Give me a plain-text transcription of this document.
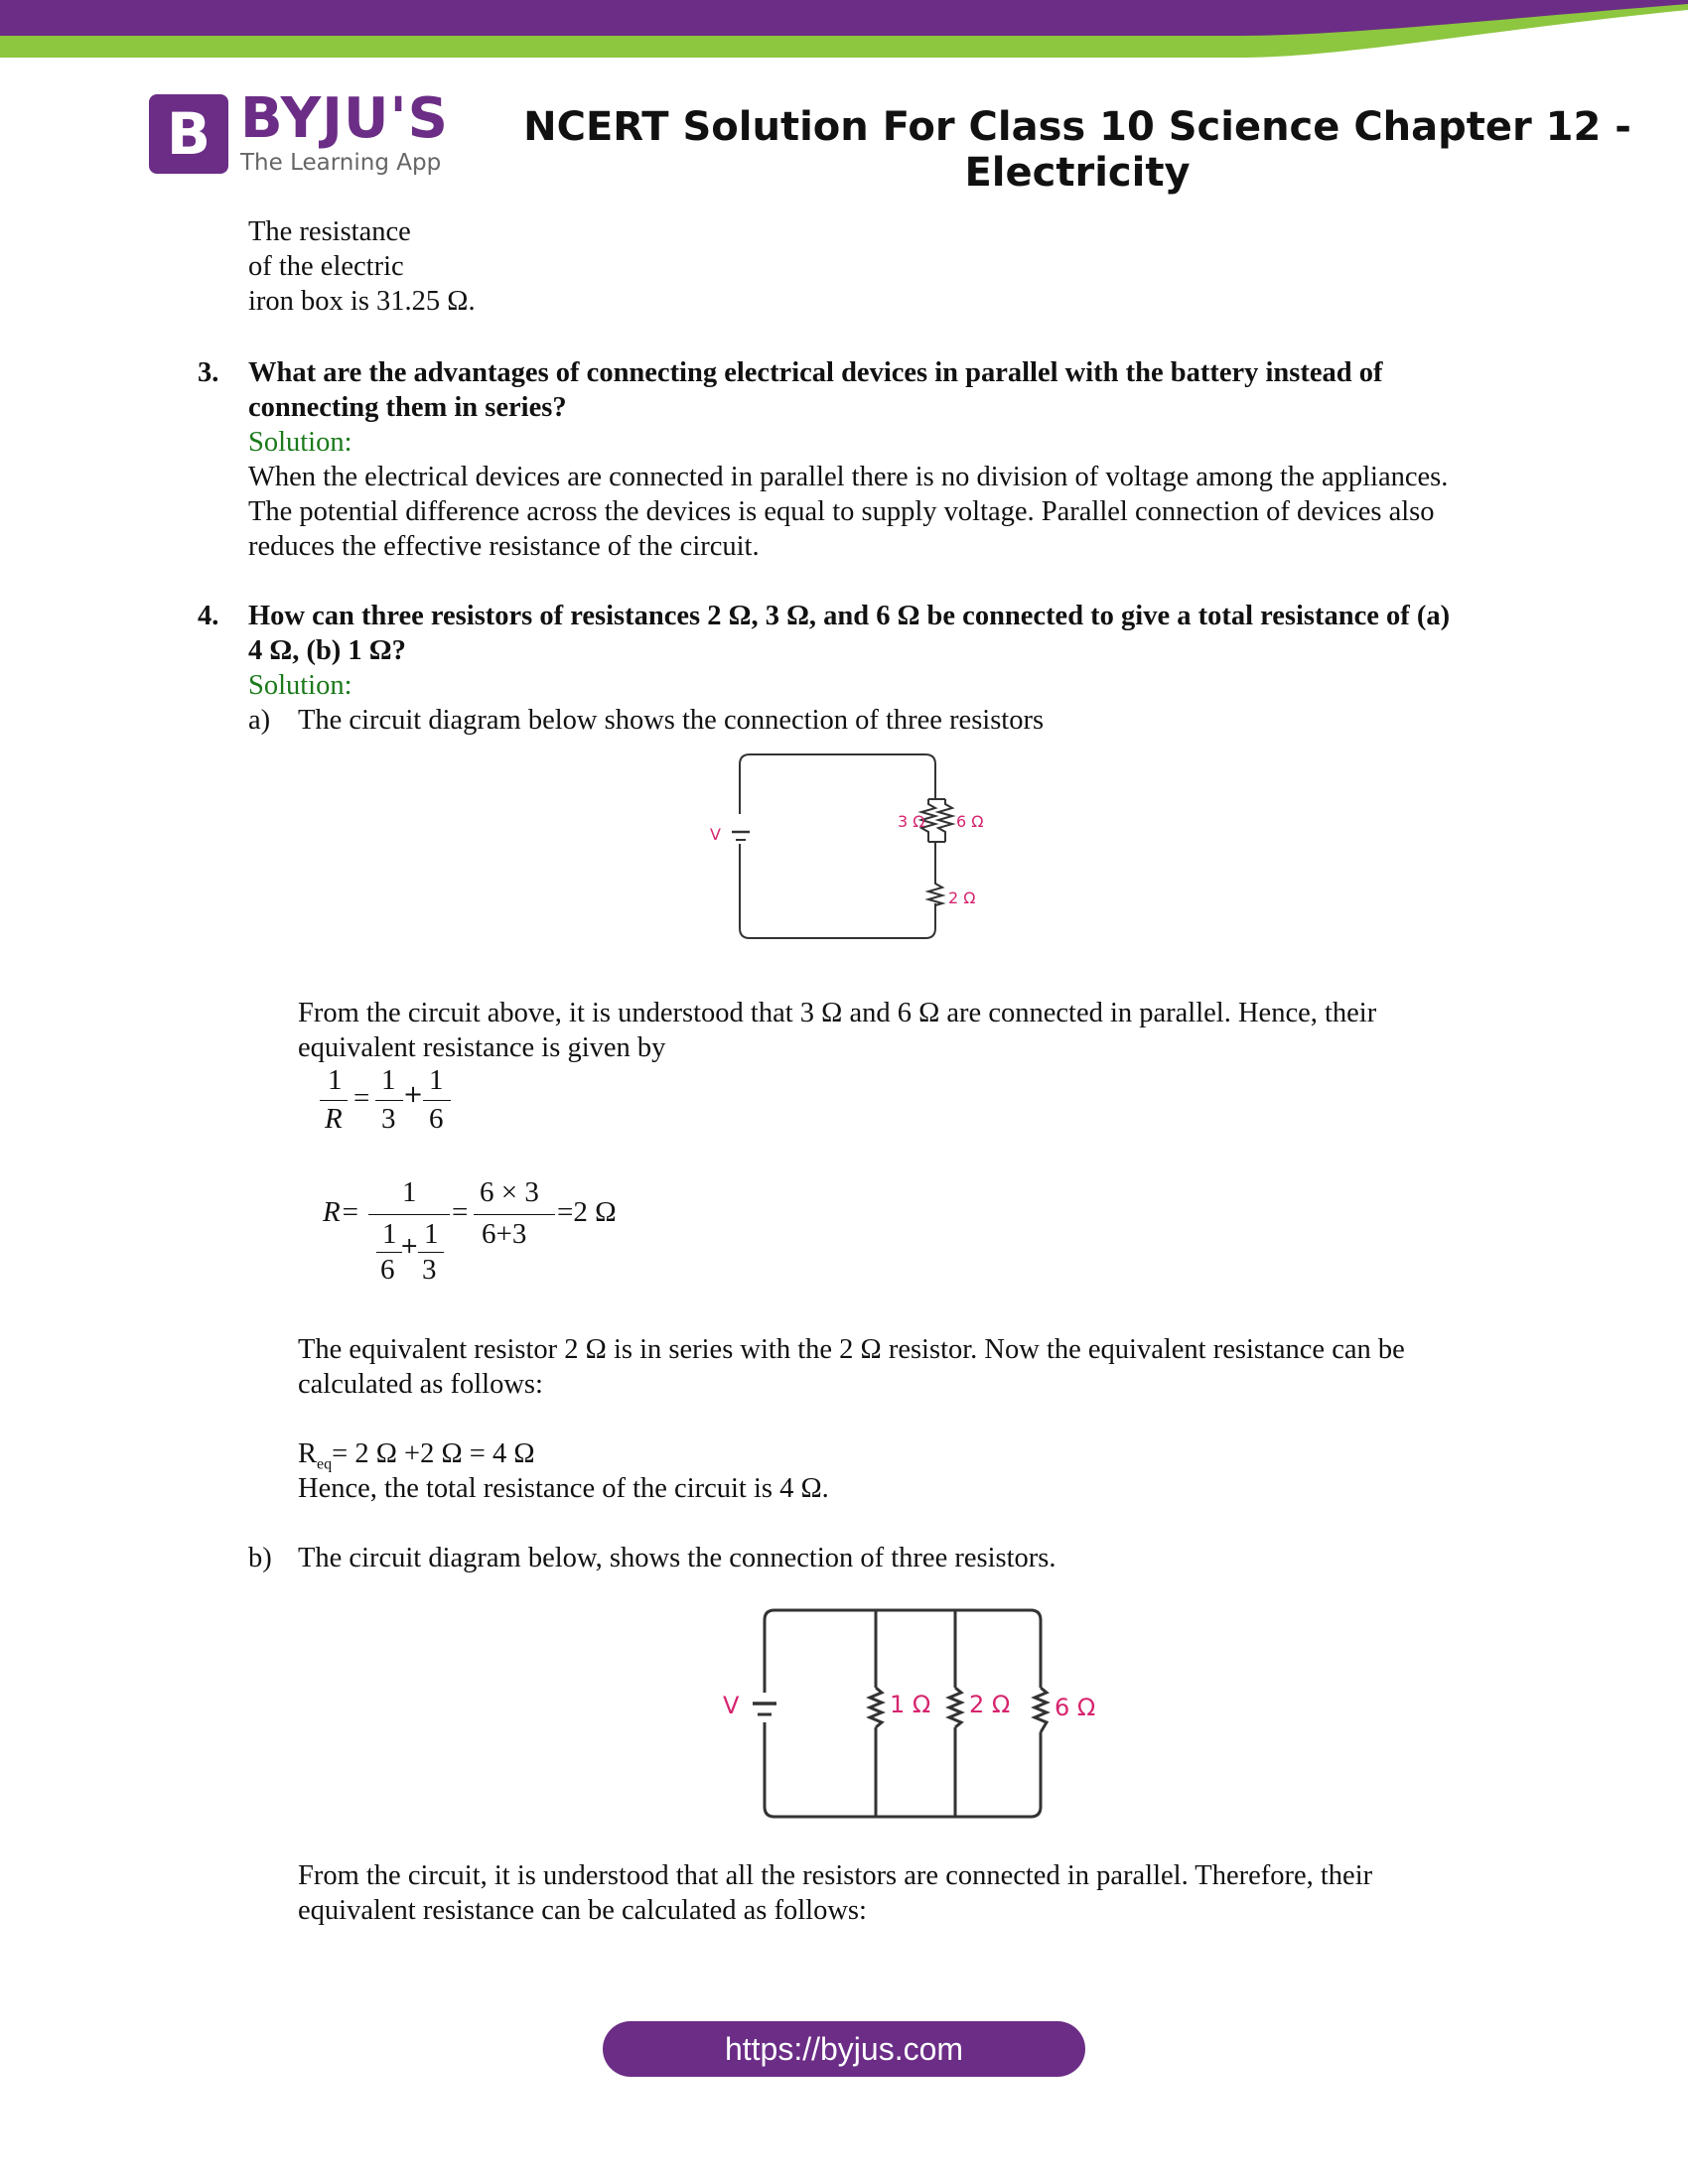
B BYJU'S
The Learning App
NCERT Solution For Class 10 Science Chapter 12 -
Electricity
The resistance
of the electric
iron box is 31.25 Ω.
3. What are the advantages of connecting electrical devices in parallel with the battery instead of
connecting them in series?
Solution:
When the electrical devices are connected in parallel there is no division of voltage among the appliances.
The potential difference across the devices is equal to supply voltage. Parallel connection of devices also
reduces the effective resistance of the circuit.
4. How can three resistors of resistances 2 Ω, 3 Ω, and 6 Ω be connected to give a total resistance of (a)
4 Ω, (b) 1 Ω?
Solution:
a) The circuit diagram below shows the connection of three resistors
V
3 Ω 6 Ω
2 Ω
From the circuit above, it is understood that 3 Ω and 6 Ω are connected in parallel. Hence, their
equivalent resistance is given by
1
R
=
1
3
+ 1
6
R=
1
1
6
+ 1
3
=
6 × 3
6+3
=2 Ω
The equivalent resistor 2 Ω is in series with the 2 Ω resistor. Now the equivalent resistance can be
calculated as follows:
$R_{eq}= 2$ Ω +2 Ω = 4 Ω
Hence, the total resistance of the circuit is 4 Ω.
b) The circuit diagram below, shows the connection of three resistors.
V	1 Ω 2 Ω 6 Ω
From the circuit, it is understood that all the resistors are connected in parallel. Therefore, their
equivalent resistance can be calculated as follows:
https://byjus.com
